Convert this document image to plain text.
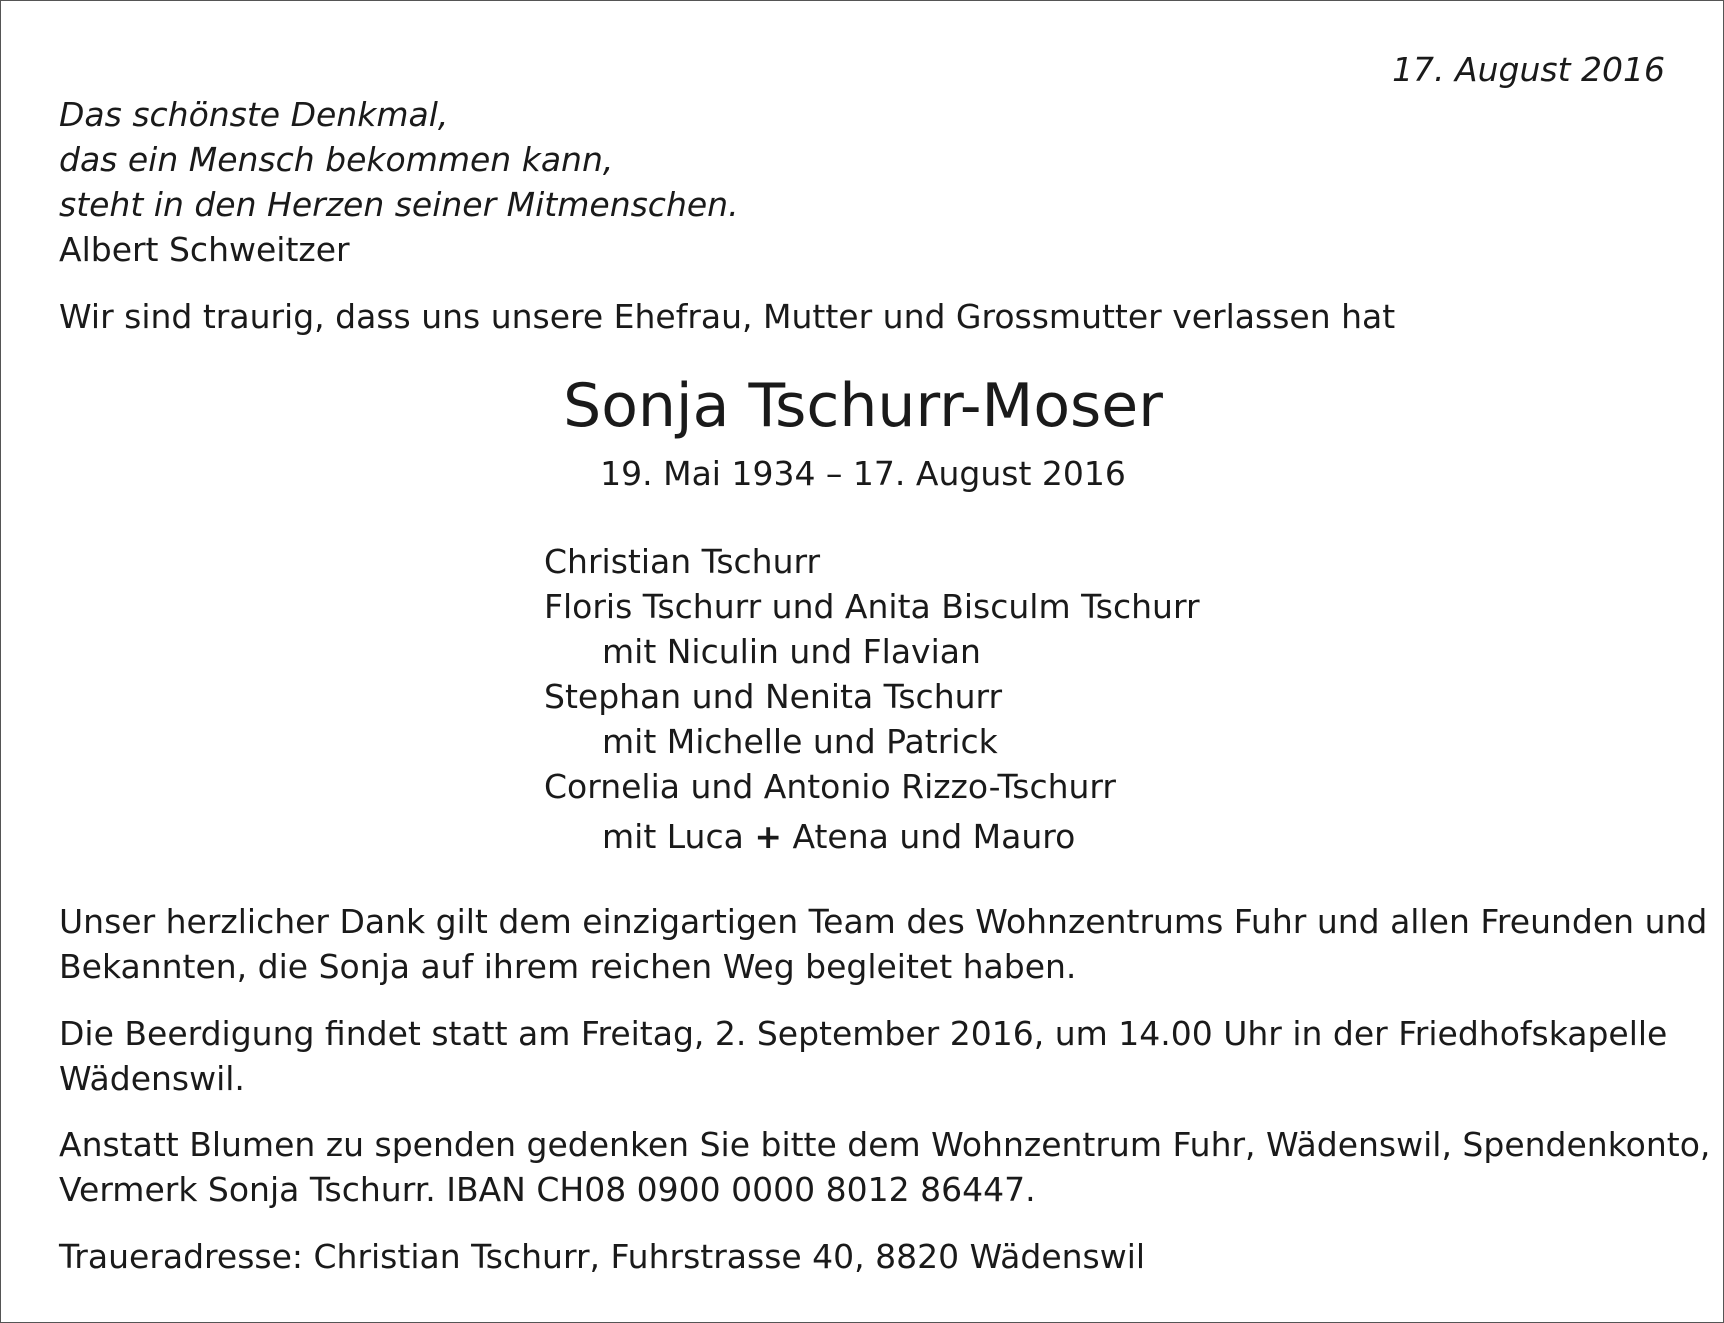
17. August 2016
Das schönste Denkmal,
das ein Mensch bekommen kann,
steht in den Herzen seiner Mitmenschen.
Albert Schweitzer
Wir sind traurig, dass uns unsere Ehefrau, Mutter und Grossmutter verlassen hat
Sonja Tschurr-Moser
19. Mai 1934 – 17. August 2016
Christian Tschurr
Floris Tschurr und Anita Bisculm Tschurr
mit Niculin und Flavian
Stephan und Nenita Tschurr
mit Michelle und Patrick
Cornelia und Antonio Rizzo-Tschurr
mit Luca + Atena und Mauro
Unser herzlicher Dank gilt dem einzigartigen Team des Wohnzentrums Fuhr und allen Freunden und
Bekannten, die Sonja auf ihrem reichen Weg begleitet haben.
Die Beerdigung findet statt am Freitag, 2. September 2016, um 14.00 Uhr in der Friedhofskapelle
Wädenswil.
Anstatt Blumen zu spenden gedenken Sie bitte dem Wohnzentrum Fuhr, Wädenswil, Spendenkonto,
Vermerk Sonja Tschurr. IBAN CH08 0900 0000 8012 86447.
Traueradresse: Christian Tschurr, Fuhrstrasse 40, 8820 Wädenswil
